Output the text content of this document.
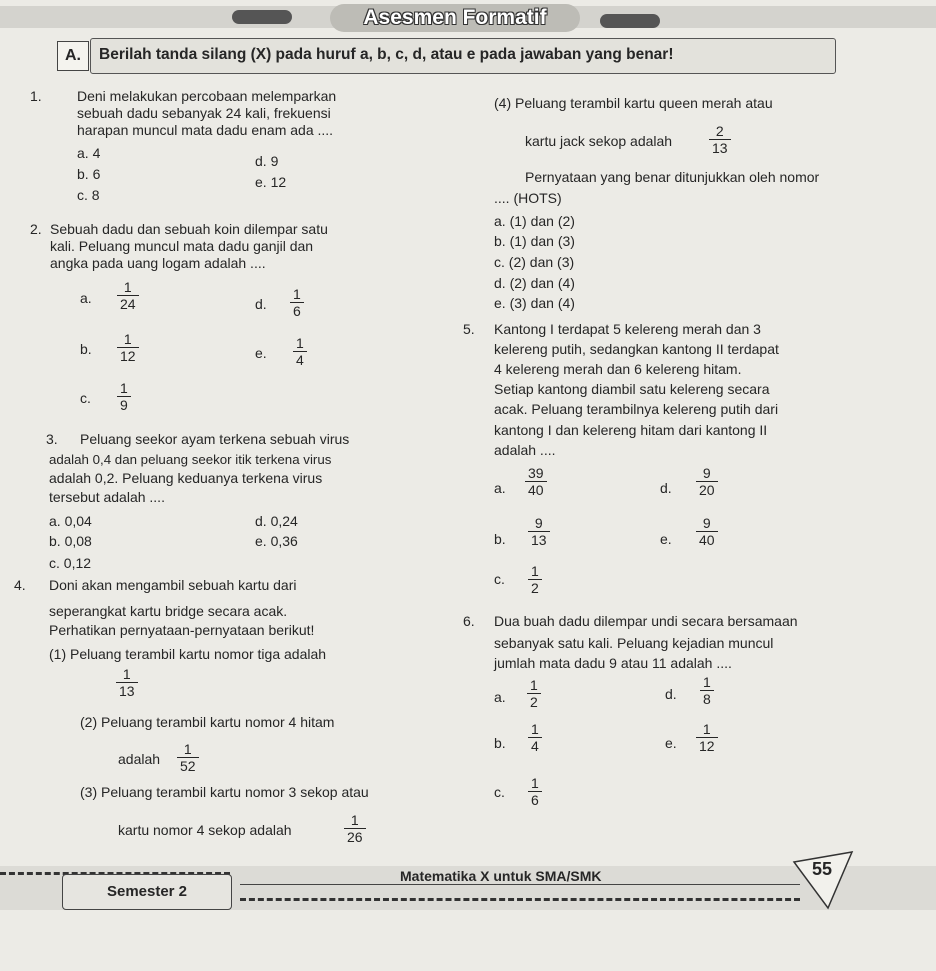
Asesmen Formatif
A.	Berilah tanda silang (X) pada huruf a, b, c, d, atau e pada jawaban yang benar!
1.	Deni melakukan percobaan melemparkan
sebuah dadu sebanyak 24 kali, frekuensi
harapan muncul mata dadu enam ada ....
a. 4
b. 6
c. 8
d. 9
e. 12
2. Sebuah dadu dan sebuah koin dilempar satu
kali. Peluang muncul mata dadu ganjil dan
angka pada uang logam adalah ....
a. $\frac{1}{24}$	d. $\frac{1}{6}$
b. $\frac{1}{12}$	e. $\frac{1}{4}$
c. $\frac{1}{9}$
3. Peluang seekor ayam terkena sebuah virus
adalah 0,4 dan peluang seekor itik terkena virus
adalah 0,2. Peluang keduanya terkena virus
tersebut adalah ....
a. 0,04
b. 0,08
c. 0,12
d. 0,24
e. 0,36
4. Doni akan mengambil sebuah kartu dari
seperangkat kartu bridge secara acak.
Perhatikan pernyataan-pernyataan berikut!
(1) Peluang terambil kartu nomor tiga adalah
$\frac{1}{13}$
(2) Peluang terambil kartu nomor 4 hitam
adalah $\frac{1}{52}$
(3) Peluang terambil kartu nomor 3 sekop atau
kartu nomor 4 sekop adalah	$\frac{1}{26}$
(4) Peluang terambil kartu queen merah atau
kartu jack sekop adalah	$\frac{2}{13}$
Pernyataan yang benar ditunjukkan oleh nomor
.... (HOTS)
a. (1) dan (2)
b. (1) dan (3)
c. (2) dan (3)
d. (2) dan (4)
e. (3) dan (4)
5. Kantong I terdapat 5 kelereng merah dan 3
kelereng putih, sedangkan kantong II terdapat
4 kelereng merah dan 6 kelereng hitam.
Setiap kantong diambil satu kelereng secara
acak. Peluang terambilnya kelereng putih dari
kantong I dan kelereng hitam dari kantong II
adalah ....
a. $\frac{39}{40}$	d. $\frac{9}{20}$
b. $\frac{9}{13}$	e. $\frac{9}{40}$
c. $\frac{1}{2}$
6. Dua buah dadu dilempar undi secara bersamaan
sebanyak satu kali. Peluang kejadian muncul
jumlah mata dadu 9 atau 11 adalah ....
a. $\frac{1}{2}$	d. $\frac{1}{8}$
b. $\frac{1}{4}$	e. $\frac{1}{12}$
c. $\frac{1}{6}$
Semester 2
Matematika X untuk SMA/SMK	55
